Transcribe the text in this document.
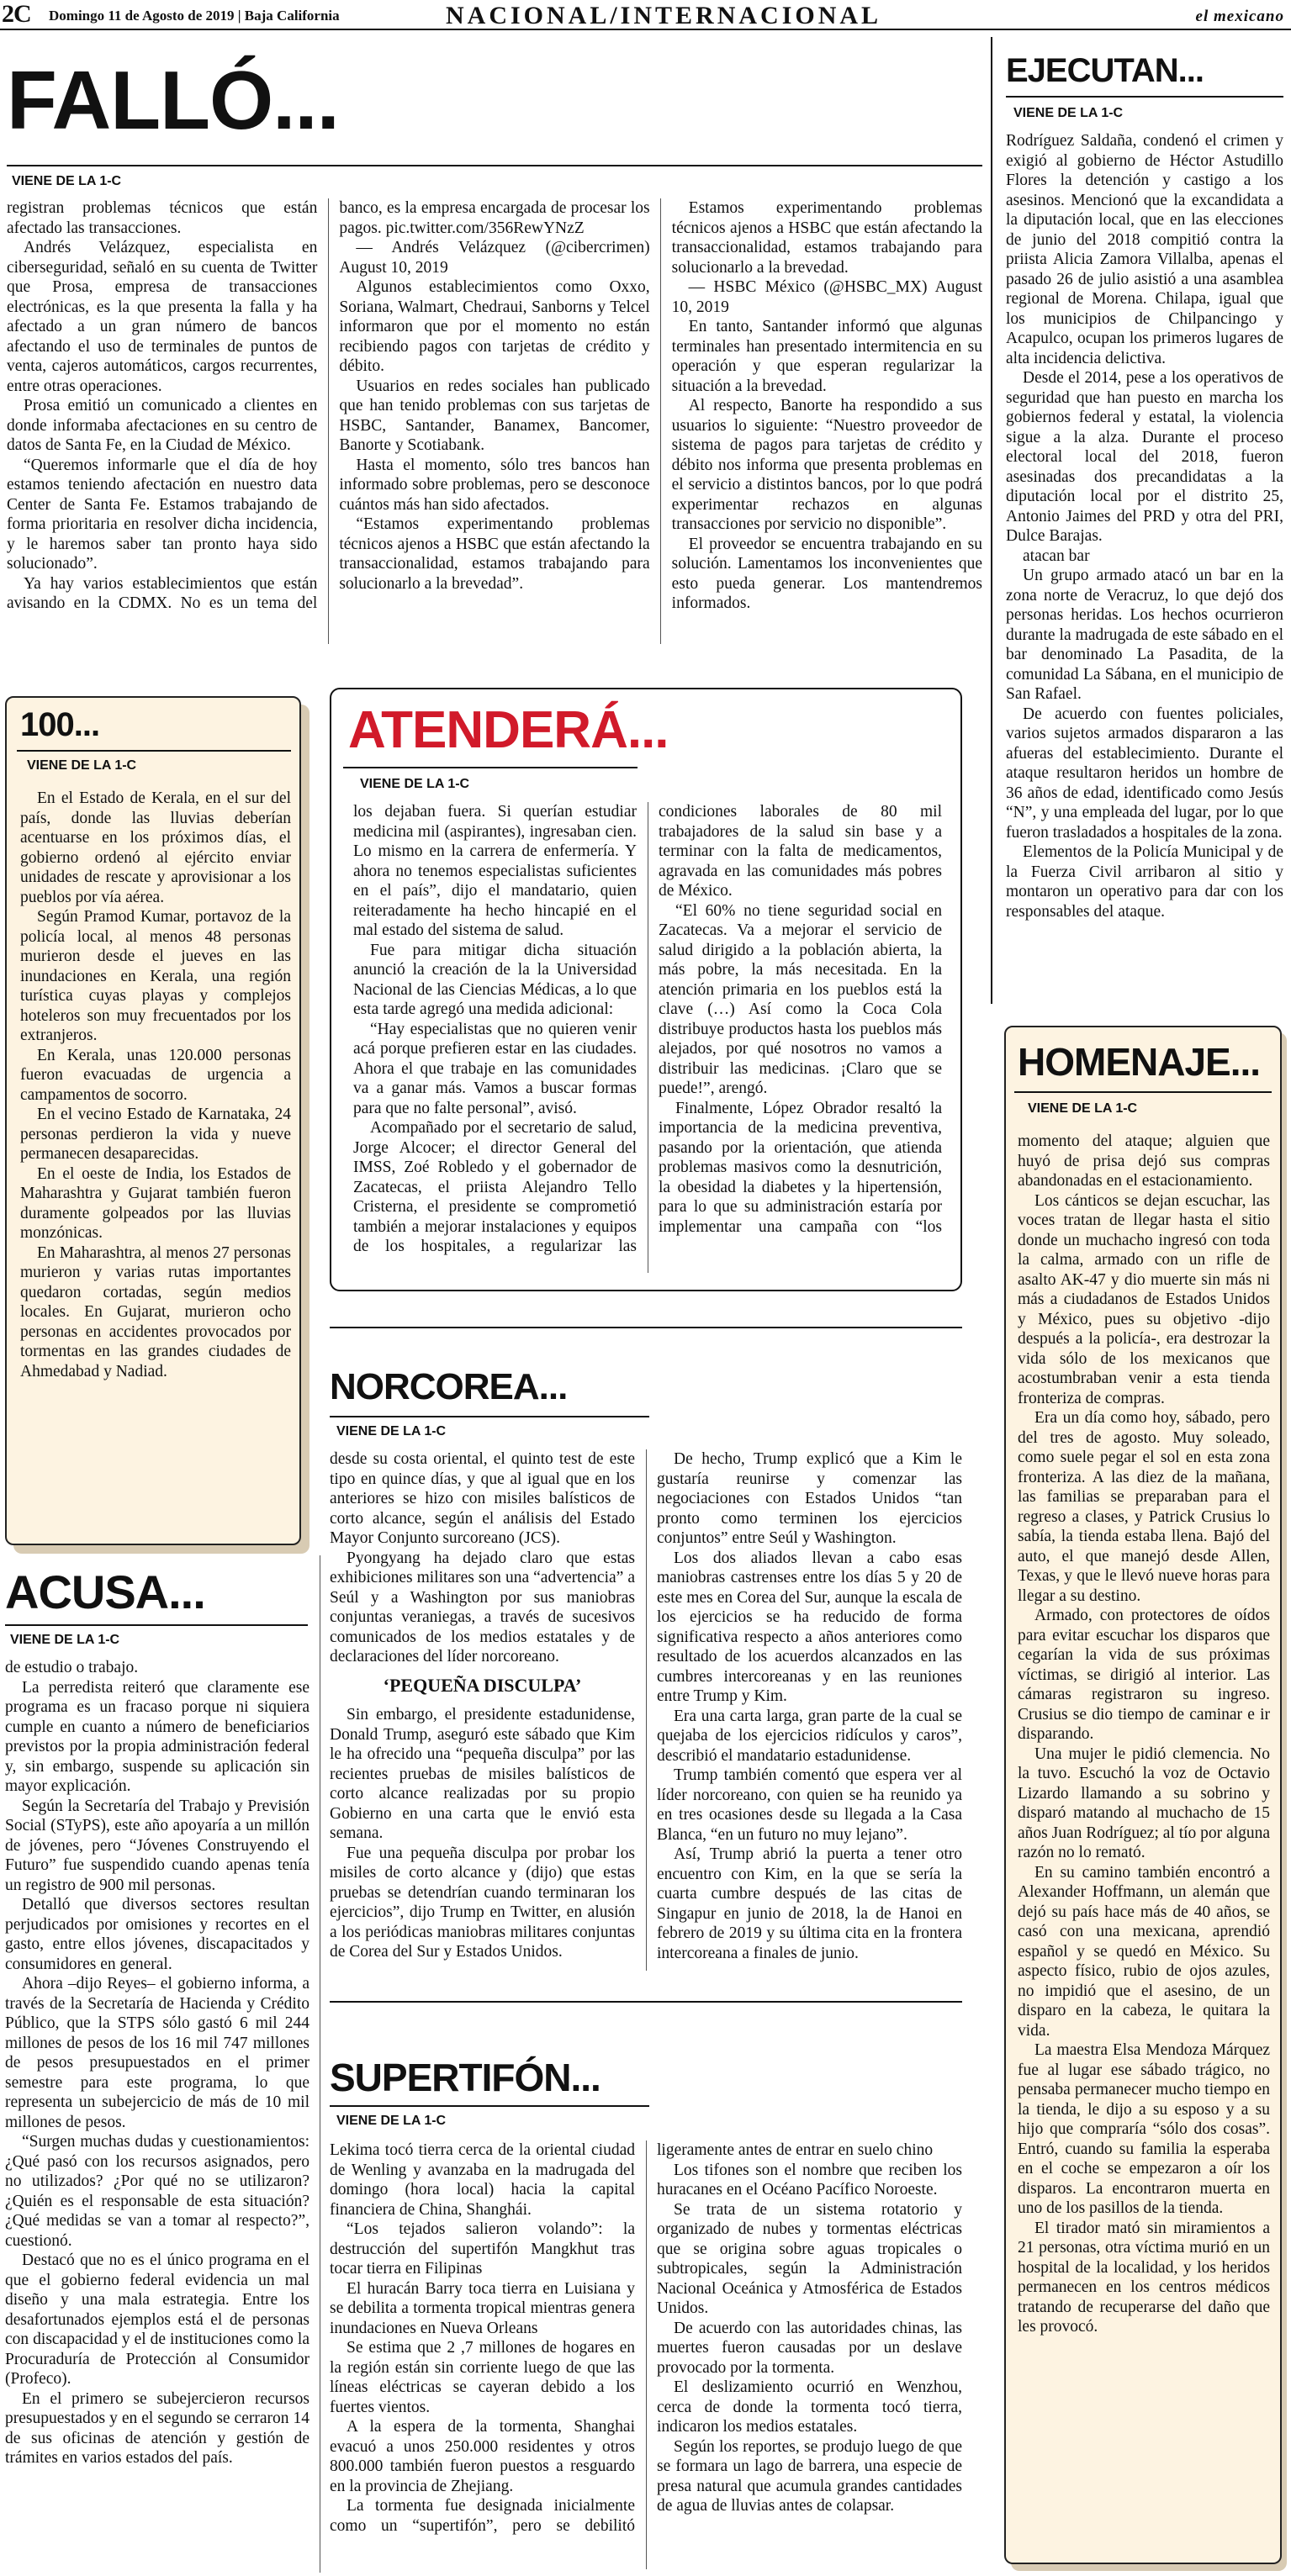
2C Domingo 11 de Agosto de 2019 | Baja California	NACIONAL/INTERNACIONAL	el mexicano
FALLÓ...
VIENE DE LA 1-C

registran problemas técnicos que están afectado las transacciones.

Andrés Velázquez, especialista en ciberseguridad, señaló en su cuenta de Twitter que Prosa, empresa de transacciones electrónicas, es la que presenta la falla y ha afectado a un gran número de bancos afectando el uso de terminales de puntos de venta, cajeros automáticos, cargos recurrentes, entre otras operaciones.

Prosa emitió un comunicado a clientes en donde informaba afectaciones en su centro de datos de Santa Fe, en la Ciudad de México.

“Queremos informarle que el día de hoy estamos teniendo afectación en nuestro data Center de Santa Fe. Estamos trabajando de forma prioritaria en resolver dicha incidencia, y le haremos saber tan pronto haya sido solucionado”.

Ya hay varios establecimientos que están avisando en la CDMX. No es un tema del banco, es la empresa encargada de procesar los pagos. pic.twitter.com/356RewYNzZ

— Andrés Velázquez (@cibercrimen) August 10, 2019

Algunos establecimientos como Oxxo, Soriana, Walmart, Chedraui, Sanborns y Telcel informaron que por el momento no están recibiendo pagos con tarjetas de crédito y débito.

Usuarios en redes sociales han publicado que han tenido problemas con sus tarjetas de HSBC, Santander, Banamex, Bancomer, Banorte y Scotiabank.

Hasta el momento, sólo tres bancos han informado sobre problemas, pero se desconoce cuántos más han sido afectados.

“Estamos experimentando problemas técnicos ajenos a HSBC que están afectando la transaccionalidad, estamos trabajando para solucionarlo a la brevedad”.

Estamos experimentando problemas técnicos ajenos a HSBC que están afectando la transaccionalidad, estamos trabajando para solucionarlo a la brevedad.

— HSBC México (@HSBC_MX) August 10, 2019

En tanto, Santander informó que algunas terminales han presentado intermitencia en su operación y que esperan regularizar la situación a la brevedad.

Al respecto, Banorte ha respondido a sus usuarios lo siguiente: “Nuestro proveedor de sistema de pagos para tarjetas de crédito y débito nos informa que presenta problemas en el servicio a distintos bancos, por lo que podrá experimentar rechazos en algunas transacciones por servicio no disponible”.

El proveedor se encuentra trabajando en su solución. Lamentamos los inconvenientes que esto pueda generar. Los mantendremos informados.

EJECUTAN...
VIENE DE LA 1-C

Rodríguez Saldaña, condenó el crimen y exigió al gobierno de Héctor Astudillo Flores la detención y castigo a los asesinos. Mencionó que la excandidata a la diputación local, que en las elecciones de junio del 2018 compitió contra la priista Alicia Zamora Villalba, apenas el pasado 26 de julio asistió a una asamblea regional de Morena. Chilapa, igual que los municipios de Chilpancingo y Acapulco, ocupan los primeros lugares de alta incidencia delictiva.

Desde el 2014, pese a los operativos de seguridad que han puesto en marcha los gobiernos federal y estatal, la violencia sigue a la alza. Durante el proceso electoral local del 2018, fueron asesinadas dos precandidatas a la diputación local por el distrito 25, Antonio Jaimes del PRD y otra del PRI, Dulce Barajas.

atacan bar

Un grupo armado atacó un bar en la zona norte de Veracruz, lo que dejó dos personas heridas. Los hechos ocurrieron durante la madrugada de este sábado en el bar denominado La Pasadita, de la comunidad La Sábana, en el municipio de San Rafael.

De acuerdo con fuentes policiales, varios sujetos armados dispararon a las afueras del establecimiento. Durante el ataque resultaron heridos un hombre de 36 años de edad, identificado como Jesús “N”, y una empleada del lugar, por lo que fueron trasladados a hospitales de la zona.

Elementos de la Policía Municipal y de la Fuerza Civil arribaron al sitio y montaron un operativo para dar con los responsables del ataque.

100...
VIENE DE LA 1-C

En el Estado de Kerala, en el sur del país, donde las lluvias deberían acentuarse en los próximos días, el gobierno ordenó al ejército enviar unidades de rescate y aprovisionar a los pueblos por vía aérea.

Según Pramod Kumar, portavoz de la policía local, al menos 48 personas murieron desde el jueves en las inundaciones en Kerala, una región turística cuyas playas y complejos hoteleros son muy frecuentados por los extranjeros.

En Kerala, unas 120.000 personas fueron evacuadas de urgencia a campamentos de socorro.

En el vecino Estado de Karnataka, 24 personas perdieron la vida y nueve permanecen desaparecidas.

En el oeste de India, los Estados de Maharashtra y Gujarat también fueron duramente golpeados por las lluvias monzónicas.

En Maharashtra, al menos 27 personas murieron y varias rutas importantes quedaron cortadas, según medios locales. En Gujarat, murieron ocho personas en accidentes provocados por tormentas en las grandes ciudades de Ahmedabad y Nadiad.

ATENDERÁ...
VIENE DE LA 1-C

los dejaban fuera. Si querían estudiar medicina mil (aspirantes), ingresaban cien. Lo mismo en la carrera de enfermería. Y ahora no tenemos especialistas suficientes en el país”, dijo el mandatario, quien reiteradamente ha hecho hincapié en el mal estado del sistema de salud.

Fue para mitigar dicha situación anunció la creación de la la Universidad Nacional de las Ciencias Médicas, a lo que esta tarde agregó una medida adicional:

“Hay especialistas que no quieren venir acá porque prefieren estar en las ciudades. Ahora el que trabaje en las comunidades va a ganar más. Vamos a buscar formas para que no falte personal”, avisó.

Acompañado por el secretario de salud, Jorge Alcocer; el director General del IMSS, Zoé Robledo y el gobernador de Zacatecas, el priista Alejandro Tello Cristerna, el presidente se comprometió también a mejorar instalaciones y equipos de los hospitales, a regularizar las condiciones laborales de 80 mil trabajadores de la salud sin base y a terminar con la falta de medicamentos, agravada en las comunidades más pobres de México.

“El 60% no tiene seguridad social en Zacatecas. Va a mejorar el servicio de salud dirigido a la población abierta, la más pobre, la más necesitada. En la atención primaria en los pueblos está la clave (…) Así como la Coca Cola distribuye productos hasta los pueblos más alejados, por qué nosotros no vamos a distribuir las medicinas. ¡Claro que se puede!”, arengó.

Finalmente, López Obrador resaltó la importancia de la medicina preventiva, pasando por la orientación, que atienda problemas masivos como la desnutrición, la obesidad la diabetes y la hipertensión, para lo que su administración estaría por implementar una campaña con “los

HOMENAJE...
VIENE DE LA 1-C

momento del ataque; alguien que huyó de prisa dejó sus compras abandonadas en el estacionamiento.

Los cánticos se dejan escuchar, las voces tratan de llegar hasta el sitio donde un muchacho ingresó con toda la calma, armado con un rifle de asalto AK-47 y dio muerte sin más ni más a ciudadanos de Estados Unidos y México, pues su objetivo -dijo después a la policía-, era destrozar la vida sólo de los mexicanos que acostumbraban venir a esta tienda fronteriza de compras.

Era un día como hoy, sábado, pero del tres de agosto. Muy soleado, como suele pegar el sol en esta zona fronteriza. A las diez de la mañana, las familias se preparaban para el regreso a clases, y Patrick Crusius lo sabía, la tienda estaba llena. Bajó del auto, el que manejó desde Allen, Texas, y que le llevó nueve horas para llegar a su destino.

Armado, con protectores de oídos para evitar escuchar los disparos que cegarían la vida de sus próximas víctimas, se dirigió al interior. Las cámaras registraron su ingreso. Crusius se dio tiempo de caminar e ir disparando.

Una mujer le pidió clemencia. No la tuvo. Escuchó la voz de Octavio Lizardo llamando a su sobrino y disparó matando al muchacho de 15 años Juan Rodríguez; al tío por alguna razón no lo remató.

En su camino también encontró a Alexander Hoffmann, un alemán que dejó su país hace más de 40 años, se casó con una mexicana, aprendió español y se quedó en México. Su aspecto físico, rubio de ojos azules, no impidió que el asesino, de un disparo en la cabeza, le quitara la vida.

La maestra Elsa Mendoza Márquez fue al lugar ese sábado trágico, no pensaba permanecer mucho tiempo en la tienda, le dijo a su esposo y a su hijo que compraría “sólo dos cosas”. Entró, cuando su familia la esperaba en el coche se empezaron a oír los disparos. La encontraron muerta en uno de los pasillos de la tienda.

El tirador mató sin miramientos a 21 personas, otra víctima murió en un hospital de la localidad, y los heridos permanecen en los centros médicos tratando de recuperarse del daño que les provocó.

NORCOREA...
VIENE DE LA 1-C

desde su costa oriental, el quinto test de este tipo en quince días, y que al igual que en los anteriores se hizo con misiles balísticos de corto alcance, según el análisis del Estado Mayor Conjunto surcoreano (JCS).

Pyongyang ha dejado claro que estas exhibiciones militares son una “advertencia” a Seúl y a Washington por sus maniobras conjuntas veraniegas, a través de sucesivos comunicados de los medios estatales y de declaraciones del líder norcoreano.

‘PEQUEÑA DISCULPA’

Sin embargo, el presidente estadunidense, Donald Trump, aseguró este sábado que Kim le ha ofrecido una “pequeña disculpa” por las recientes pruebas de misiles balísticos de corto alcance realizadas por su propio Gobierno en una carta que le envió esta semana.

Fue una pequeña disculpa por probar los misiles de corto alcance y (dijo) que estas pruebas se detendrían cuando terminaran los ejercicios”, dijo Trump en Twitter, en alusión a los periódicas maniobras militares conjuntas de Corea del Sur y Estados Unidos.

De hecho, Trump explicó que a Kim le gustaría reunirse y comenzar las negociaciones con Estados Unidos “tan pronto como terminen los ejercicios conjuntos” entre Seúl y Washington.

Los dos aliados llevan a cabo esas maniobras castrenses entre los días 5 y 20 de este mes en Corea del Sur, aunque la escala de los ejercicios se ha reducido de forma significativa respecto a años anteriores como resultado de los acuerdos alcanzados en las cumbres intercoreanas y en las reuniones entre Trump y Kim.

Era una carta larga, gran parte de la cual se quejaba de los ejercicios ridículos y caros”, describió el mandatario estadunidense.

Trump también comentó que espera ver al líder norcoreano, con quien se ha reunido ya en tres ocasiones desde su llegada a la Casa Blanca, “en un futuro no muy lejano”.

Así, Trump abrió la puerta a tener otro encuentro con Kim, en la que se sería la cuarta cumbre después de las citas de Singapur en junio de 2018, la de Hanoi en febrero de 2019 y su última cita en la frontera intercoreana a finales de junio.

ACUSA...
VIENE DE LA 1-C

de estudio o trabajo.

La perredista reiteró que claramente ese programa es un fracaso porque ni siquiera cumple en cuanto a número de beneficiarios previstos por la propia administración federal y, sin embargo, suspende su aplicación sin mayor explicación.

Según la Secretaría del Trabajo y Previsión Social (STyPS), este año apoyaría a un millón de jóvenes, pero “Jóvenes Construyendo el Futuro” fue suspendido cuando apenas tenía un registro de 900 mil personas.

Detalló que diversos sectores resultan perjudicados por omisiones y recortes en el gasto, entre ellos jóvenes, discapacitados y consumidores en general.

Ahora –dijo Reyes– el gobierno informa, a través de la Secretaría de Hacienda y Crédito Público, que la STPS sólo gastó 6 mil 244 millones de pesos de los 16 mil 747 millones de pesos presupuestados en el primer semestre para este programa, lo que representa un subejercicio de más de 10 mil millones de pesos.

“Surgen muchas dudas y cuestionamientos: ¿Qué pasó con los recursos asignados, pero no utilizados? ¿Por qué no se utilizaron? ¿Quién es el responsable de esta situación? ¿Qué medidas se van a tomar al respecto?”, cuestionó.

Destacó que no es el único programa en el que el gobierno federal evidencia un mal diseño y una mala estrategia. Entre los desafortunados ejemplos está el de personas con discapacidad y el de instituciones como la Procuraduría de Protección al Consumidor (Profeco).

En el primero se subejercieron recursos presupuestados y en el segundo se cerraron 14 de sus oficinas de atención y gestión de trámites en varios estados del país.

SUPERTIFÓN...
VIENE DE LA 1-C

Lekima tocó tierra cerca de la oriental ciudad de Wenling y avanzaba en la madrugada del domingo (hora local) hacia la capital financiera de China, Shanghái.

“Los tejados salieron volando”: la destrucción del supertifón Mangkhut tras tocar tierra en Filipinas

El huracán Barry toca tierra en Luisiana y se debilita a tormenta tropical mientras genera inundaciones en Nueva Orleans

Se estima que 2 ,7 millones de hogares en la región están sin corriente luego de que las líneas eléctricas se cayeran debido a los fuertes vientos.

A la espera de la tormenta, Shanghai evacuó a unos 250.000 residentes y otros 800.000 también fueron puestos a resguardo en la provincia de Zhejiang.

La tormenta fue designada inicialmente como un “supertifón”, pero se debilitó ligeramente antes de entrar en suelo chino

Los tifones son el nombre que reciben los huracanes en el Océano Pacífico Noroeste.

Se trata de un sistema rotatorio y organizado de nubes y tormentas eléctricas que se origina sobre aguas tropicales o subtropicales, según la Administración Nacional Oceánica y Atmosférica de Estados Unidos.

De acuerdo con las autoridades chinas, las muertes fueron causadas por un deslave provocado por la tormenta.

El deslizamiento ocurrió en Wenzhou, cerca de donde la tormenta tocó tierra, indicaron los medios estatales.

Según los reportes, se produjo luego de que se formara un lago de barrera, una especie de presa natural que acumula grandes cantidades de agua de lluvias antes de colapsar.
